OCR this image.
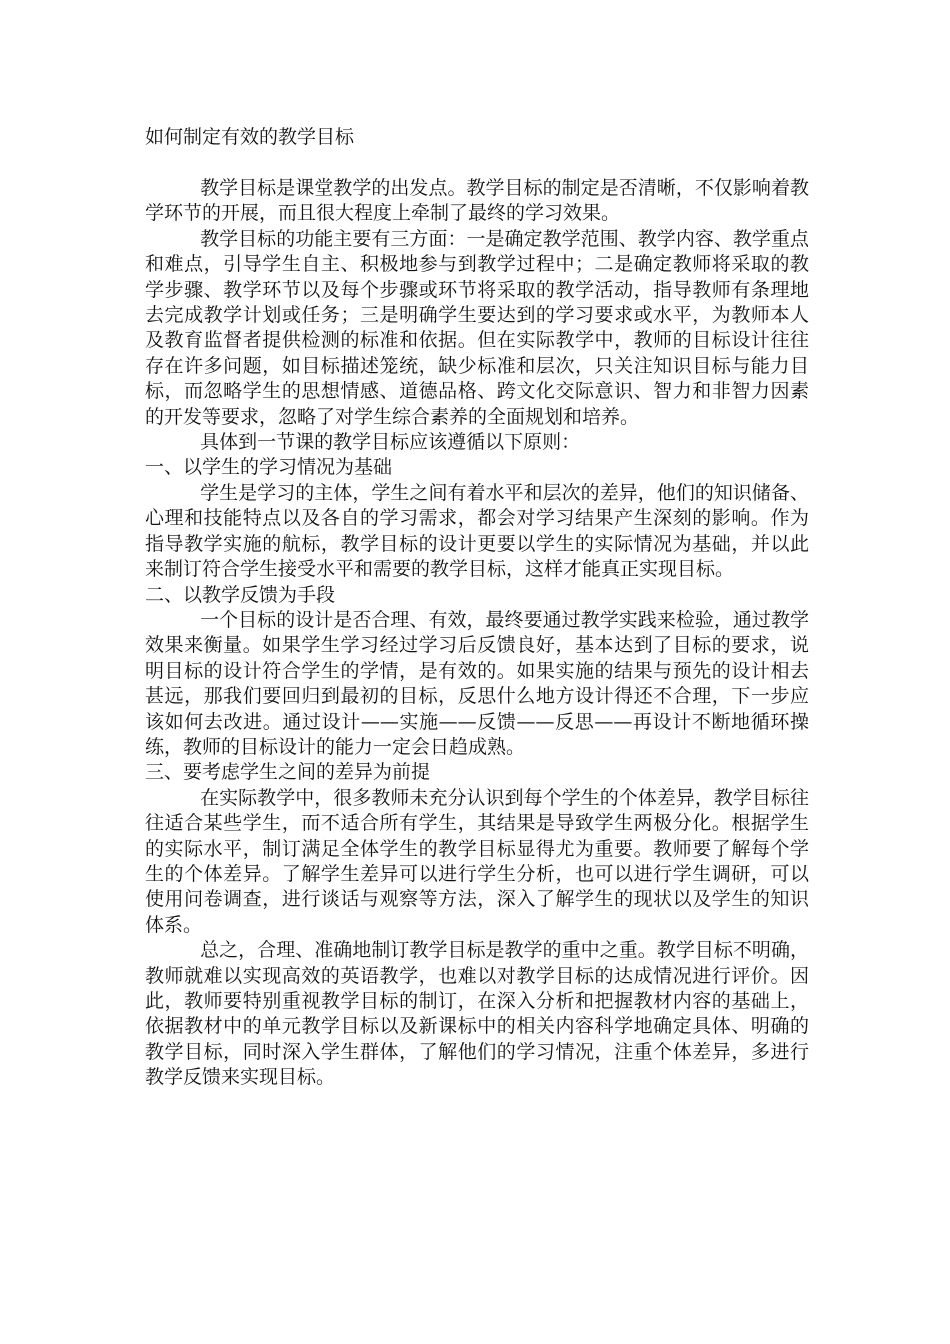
如何制定有效的教学目标

教学目标是课堂教学的出发点。教学目标的制定是否清晰，不仅影响着教学环节的开展，而且很大程度上牵制了最终的学习效果。

教学目标的功能主要有三方面：一是确定教学范围、教学内容、教学重点和难点，引导学生自主、积极地参与到教学过程中；二是确定教师将采取的教学步骤、教学环节以及每个步骤或环节将采取的教学活动，指导教师有条理地去完成教学计划或任务；三是明确学生要达到的学习要求或水平，为教师本人及教育监督者提供检测的标准和依据。但在实际教学中，教师的目标设计往往存在许多问题，如目标描述笼统，缺少标准和层次，只关注知识目标与能力目标，而忽略学生的思想情感、道德品格、跨文化交际意识、智力和非智力因素的开发等要求，忽略了对学生综合素养的全面规划和培养。

具体到一节课的教学目标应该遵循以下原则：

一、以学生的学习情况为基础

学生是学习的主体，学生之间有着水平和层次的差异，他们的知识储备、心理和技能特点以及各自的学习需求，都会对学习结果产生深刻的影响。作为指导教学实施的航标，教学目标的设计更要以学生的实际情况为基础，并以此来制订符合学生接受水平和需要的教学目标，这样才能真正实现目标。

二、以教学反馈为手段

一个目标的设计是否合理、有效，最终要通过教学实践来检验，通过教学效果来衡量。如果学生学习经过学习后反馈良好，基本达到了目标的要求，说明目标的设计符合学生的学情，是有效的。如果实施的结果与预先的设计相去甚远，那我们要回归到最初的目标，反思什么地方设计得还不合理，下一步应该如何去改进。通过设计——实施——反馈——反思——再设计不断地循环操练，教师的目标设计的能力一定会日趋成熟。

三、要考虑学生之间的差异为前提

在实际教学中，很多教师未充分认识到每个学生的个体差异，教学目标往往适合某些学生，而不适合所有学生，其结果是导致学生两极分化。根据学生的实际水平，制订满足全体学生的教学目标显得尤为重要。教师要了解每个学生的个体差异。了解学生差异可以进行学生分析，也可以进行学生调研，可以使用问卷调查，进行谈话与观察等方法，深入了解学生的现状以及学生的知识体系。

总之，合理、准确地制订教学目标是教学的重中之重。教学目标不明确，教师就难以实现高效的英语教学，也难以对教学目标的达成情况进行评价。因此，教师要特别重视教学目标的制订，在深入分析和把握教材内容的基础上，依据教材中的单元教学目标以及新课标中的相关内容科学地确定具体、明确的教学目标，同时深入学生群体，了解他们的学习情况，注重个体差异，多进行教学反馈来实现目标。
